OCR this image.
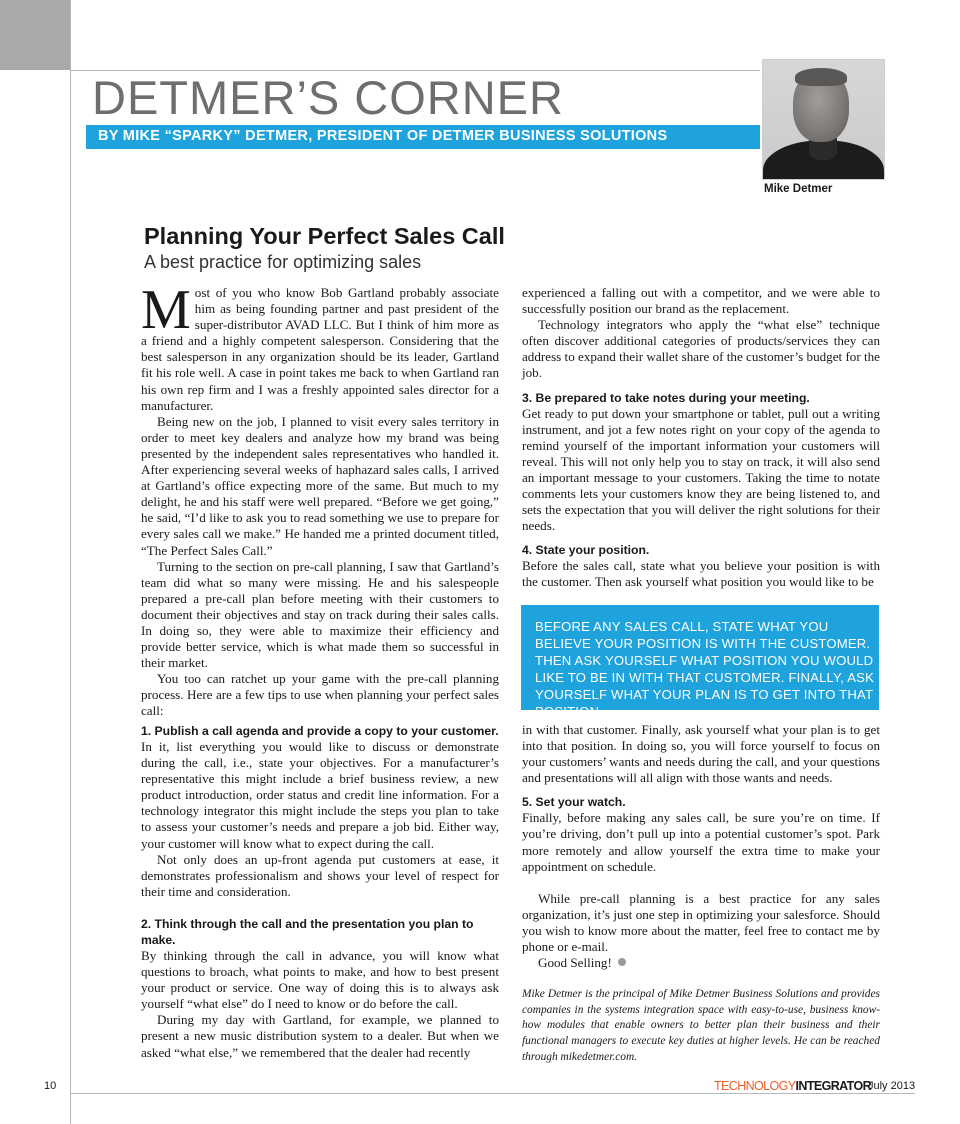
DETMER’S CORNER
BY MIKE “SPARKY” DETMER, PRESIDENT OF DETMER BUSINESS SOLUTIONS
Mike Detmer
Planning Your Perfect Sales Call
A best practice for optimizing sales

Most of you who know Bob Gartland probably associate him as being founding partner and past president of the super-distributor AVAD LLC. But I think of him more as a friend and a highly competent salesperson. Considering that the best salesperson in any organization should be its leader, Gartland fit his role well. A case in point takes me back to when Gartland ran his own rep firm and I was a freshly appointed sales director for a manufacturer.

Being new on the job, I planned to visit every sales territory in order to meet key dealers and analyze how my brand was being presented by the independent sales representatives who handled it. After experiencing several weeks of haphazard sales calls, I arrived at Gartland’s office expecting more of the same. But much to my delight, he and his staff were well prepared. “Before we get going,” he said, “I’d like to ask you to read something we use to prepare for every sales call we make.” He handed me a printed document titled, “The Perfect Sales Call.”

Turning to the section on pre-call planning, I saw that Gartland’s team did what so many were missing. He and his salespeople prepared a pre-call plan before meeting with their customers to document their objectives and stay on track during their sales calls. In doing so, they were able to maximize their efficiency and provide better service, which is what made them so successful in their market.

You too can ratchet up your game with the pre-call planning process. Here are a few tips to use when planning your perfect sales call:

1. Publish a call agenda and provide a copy to your customer.

In it, list everything you would like to discuss or demonstrate during the call, i.e., state your objectives. For a manufacturer’s representative this might include a brief business review, a new product introduction, order status and credit line information. For a technology integrator this might include the steps you plan to take to assess your customer’s needs and prepare a job bid. Either way, your customer will know what to expect during the call.

Not only does an up-front agenda put customers at ease, it demonstrates professionalism and shows your level of respect for their time and consideration.

2. Think through the call and the presentation you plan to make.

By thinking through the call in advance, you will know what questions to broach, what points to make, and how to best present your product or service. One way of doing this is to always ask yourself “what else” do I need to know or do before the call.

During my day with Gartland, for example, we planned to present a new music distribution system to a dealer. But when we asked “what else,” we remembered that the dealer had recently

experienced a falling out with a competitor, and we were able to successfully position our brand as the replacement.

Technology integrators who apply the “what else” technique often discover additional categories of products/services they can address to expand their wallet share of the customer’s budget for the job.

3. Be prepared to take notes during your meeting.

Get ready to put down your smartphone or tablet, pull out a writing instrument, and jot a few notes right on your copy of the agenda to remind yourself of the important information your customers will reveal. This will not only help you to stay on track, it will also send an important message to your customers. Taking the time to notate comments lets your customers know they are being listened to, and sets the expectation that you will deliver the right solutions for their needs.

4. State your position.

Before the sales call, state what you believe your position is with the customer. Then ask yourself what position you would like to be

BEFORE ANY SALES CALL, STATE WHAT YOU BELIEVE YOUR POSITION IS WITH THE CUSTOMER. THEN ASK YOURSELF WHAT POSITION YOU WOULD LIKE TO BE IN WITH THAT CUSTOMER. FINALLY, ASK YOURSELF WHAT YOUR PLAN IS TO GET INTO THAT POSITION.

in with that customer. Finally, ask yourself what your plan is to get into that position. In doing so, you will force yourself to focus on your customers’ wants and needs during the call, and your questions and presentations will all align with those wants and needs.

5. Set your watch.

Finally, before making any sales call, be sure you’re on time. If you’re driving, don’t pull up into a potential customer’s spot. Park more remotely and allow yourself the extra time to make your appointment on schedule.

While pre-call planning is a best practice for any sales organization, it’s just one step in optimizing your salesforce. Should you wish to know more about the matter, feel free to contact me by phone or e-mail.

Good Selling!

Mike Detmer is the principal of Mike Detmer Business Solutions and provides companies in the systems integration space with easy-to-use, business know-how modules that enable owners to better plan their business and their functional managers to execute key duties at higher levels. He can be reached through mikedetmer.com.

10	TECHNOLOGYINTEGRATOR
July 2013
